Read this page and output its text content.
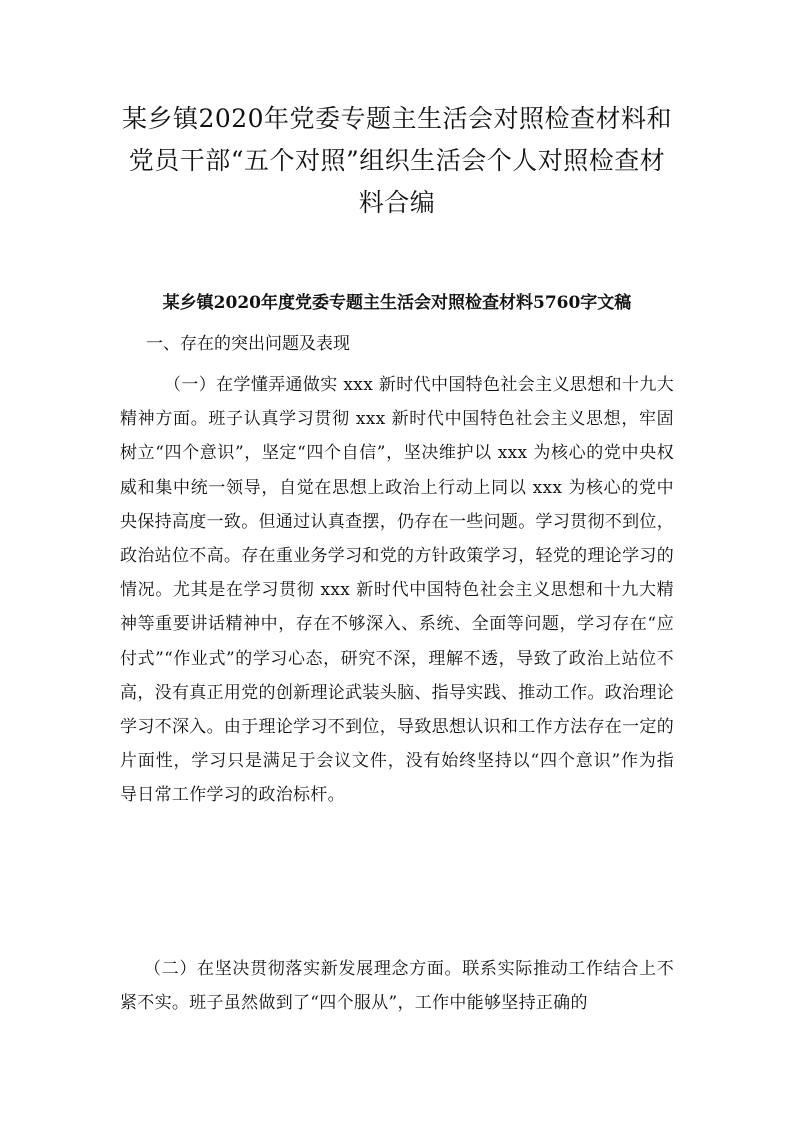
某乡镇2020年党委专题主生活会对照检查材料和党员干部“五个对照”组织生活会个人对照检查材料合编
某乡镇2020年度党委专题主生活会对照检查材料5760字文稿

一、存在的突出问题及表现

（一）在学懂弄通做实 xxx 新时代中国特色社会主义思想和十九大精神方面。班子认真学习贯彻 xxx 新时代中国特色社会主义思想，牢固树立“四个意识”，坚定“四个自信”，坚决维护以 xxx 为核心的党中央权威和集中统一领导，自觉在思想上政治上行动上同以 xxx 为核心的党中央保持高度一致。但通过认真查摆，仍存在一些问题。学习贯彻不到位，政治站位不高。存在重业务学习和党的方针政策学习，轻党的理论学习的情况。尤其是在学习贯彻 xxx 新时代中国特色社会主义思想和十九大精神等重要讲话精神中，存在不够深入、系统、全面等问题，学习存在“应付式”“作业式”的学习心态，研究不深，理解不透，导致了政治上站位不高，没有真正用党的创新理论武装头脑、指导实践、推动工作。政治理论学习不深入。由于理论学习不到位，导致思想认识和工作方法存在一定的片面性，学习只是满足于会议文件，没有始终坚持以“四个意识”作为指导日常工作学习的政治标杆。

（二）在坚决贯彻落实新发展理念方面。联系实际推动工作结合上不紧不实。班子虽然做到了“四个服从”，工作中能够坚持正确的
